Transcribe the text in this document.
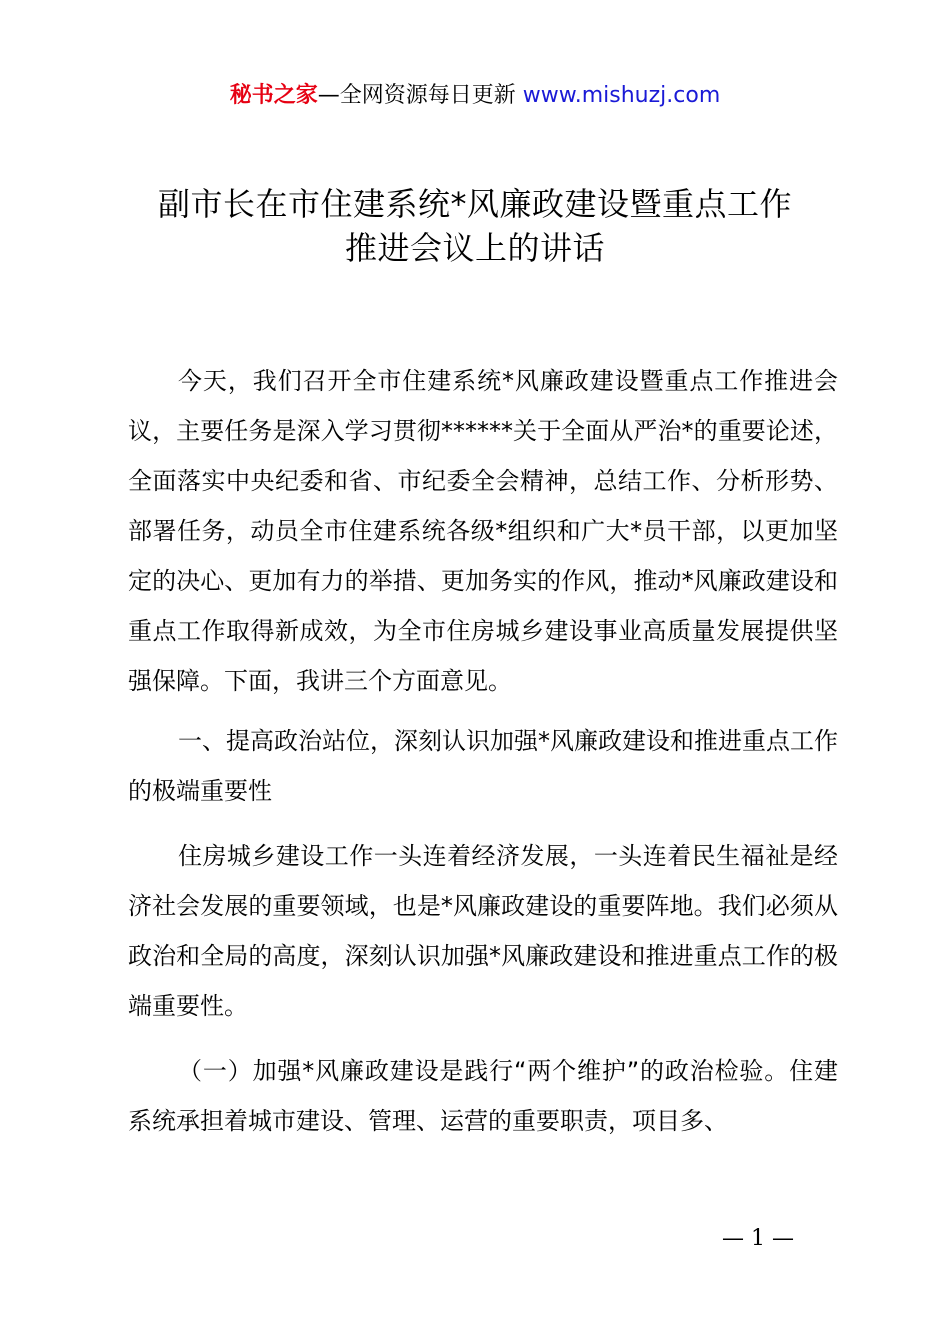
秘书之家—全网资源每日更新 www.mishuzj.com
副市长在市住建系统*风廉政建设暨重点工作
推进会议上的讲话

今天，我们召开全市住建系统*风廉政建设暨重点工作推进会议，主要任务是深入学习贯彻******关于全面从严治*的重要论述，全面落实中央纪委和省、市纪委全会精神，总结工作、分析形势、部署任务，动员全市住建系统各级*组织和广大*员干部，以更加坚定的决心、更加有力的举措、更加务实的作风，推动*风廉政建设和重点工作取得新成效，为全市住房城乡建设事业高质量发展提供坚强保障。下面，我讲三个方面意见。

一、提高政治站位，深刻认识加强*风廉政建设和推进重点工作的极端重要性

住房城乡建设工作一头连着经济发展，一头连着民生福祉是经济社会发展的重要领域，也是*风廉政建设的重要阵地。我们必须从政治和全局的高度，深刻认识加强*风廉政建设和推进重点工作的极端重要性。

（一）加强*风廉政建设是践行“两个维护”的政治检验。住建系统承担着城市建设、管理、运营的重要职责，项目多、

— 1 —
